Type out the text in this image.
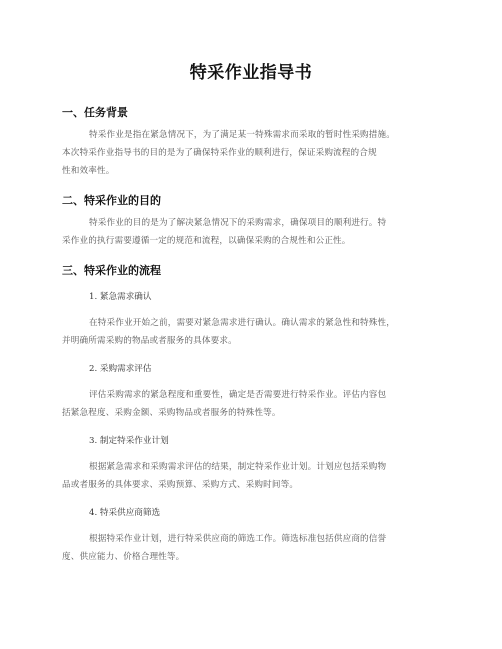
特采作业指导书
一、任务背景
特采作业是指在紧急情况下，为了满足某一特殊需求而采取的暂时性采购措施。
本次特采作业指导书的目的是为了确保特采作业的顺利进行，保证采购流程的合规
性和效率性。
二、特采作业的目的
特采作业的目的是为了解决紧急情况下的采购需求，确保项目的顺利进行。特
采作业的执行需要遵循一定的规范和流程，以确保采购的合规性和公正性。
三、特采作业的流程
1. 紧急需求确认
在特采作业开始之前，需要对紧急需求进行确认。确认需求的紧急性和特殊性，
并明确所需采购的物品或者服务的具体要求。
2. 采购需求评估
评估采购需求的紧急程度和重要性，确定是否需要进行特采作业。评估内容包
括紧急程度、采购金额、采购物品或者服务的特殊性等。
3. 制定特采作业计划
根据紧急需求和采购需求评估的结果，制定特采作业计划。计划应包括采购物
品或者服务的具体要求、采购预算、采购方式、采购时间等。
4. 特采供应商筛选
根据特采作业计划，进行特采供应商的筛选工作。筛选标准包括供应商的信誉
度、供应能力、价格合理性等。
